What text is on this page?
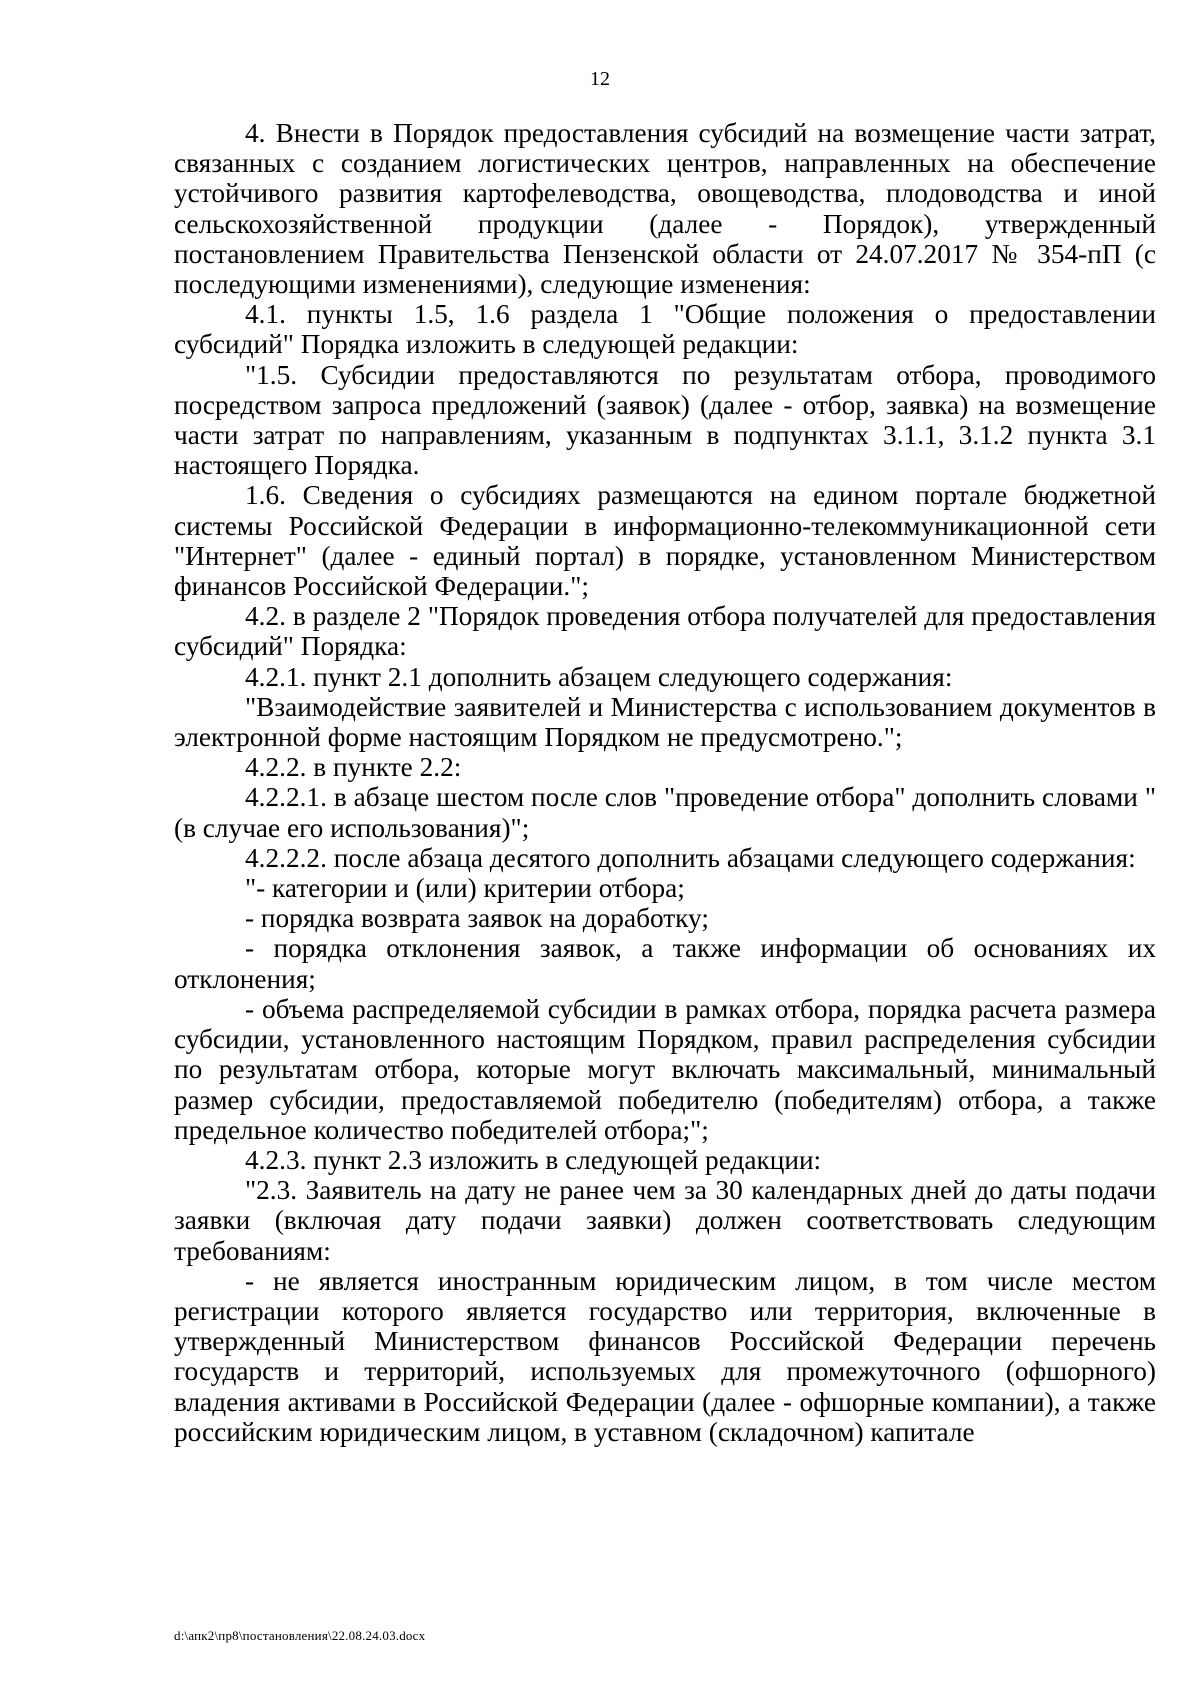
12

4. Внести в Порядок предоставления субсидий на возмещение части затрат, связанных с созданием логистических центров, направленных на обеспечение устойчивого развития картофелеводства, овощеводства, плодоводства и иной сельскохозяйственной продукции (далее - Порядок), утвержденный постановлением Правительства Пензенской области от 24.07.2017 № 354-пП (с последующими изменениями), следующие изменения:

4.1. пункты 1.5, 1.6 раздела 1 "Общие положения о предоставлении субсидий" Порядка изложить в следующей редакции:

"1.5. Субсидии предоставляются по результатам отбора, проводимого посредством запроса предложений (заявок) (далее - отбор, заявка) на возмещение части затрат по направлениям, указанным в подпунктах 3.1.1, 3.1.2 пункта 3.1 настоящего Порядка.

1.6. Сведения о субсидиях размещаются на едином портале бюджетной системы Российской Федерации в информационно-телекоммуникационной сети "Интернет" (далее - единый портал) в порядке, установленном Министерством финансов Российской Федерации.";

4.2. в разделе 2 "Порядок проведения отбора получателей для предоставления субсидий" Порядка:

4.2.1. пункт 2.1 дополнить абзацем следующего содержания:

"Взаимодействие заявителей и Министерства с использованием документов в электронной форме настоящим Порядком не предусмотрено.";

4.2.2. в пункте 2.2:

4.2.2.1. в абзаце шестом после слов "проведение отбора" дополнить словами "(в случае его использования)";

4.2.2.2. после абзаца десятого дополнить абзацами следующего содержания:

"- категории и (или) критерии отбора;

- порядка возврата заявок на доработку;

- порядка отклонения заявок, а также информации об основаниях их отклонения;

- объема распределяемой субсидии в рамках отбора, порядка расчета размера субсидии, установленного настоящим Порядком, правил распределения субсидии по результатам отбора, которые могут включать максимальный, минимальный размер субсидии, предоставляемой победителю (победителям) отбора, а также предельное количество победителей отбора;";

4.2.3. пункт 2.3 изложить в следующей редакции:

"2.3. Заявитель на дату не ранее чем за 30 календарных дней до даты подачи заявки (включая дату подачи заявки) должен соответствовать следующим требованиям:

- не является иностранным юридическим лицом, в том числе местом регистрации которого является государство или территория, включенные в утвержденный Министерством финансов Российской Федерации перечень государств и территорий, используемых для промежуточного (офшорного) владения активами в Российской Федерации (далее - офшорные компании), а также российским юридическим лицом, в уставном (складочном) капитале

d:\апк2\пр8\постановления\22.08.24.03.docx
